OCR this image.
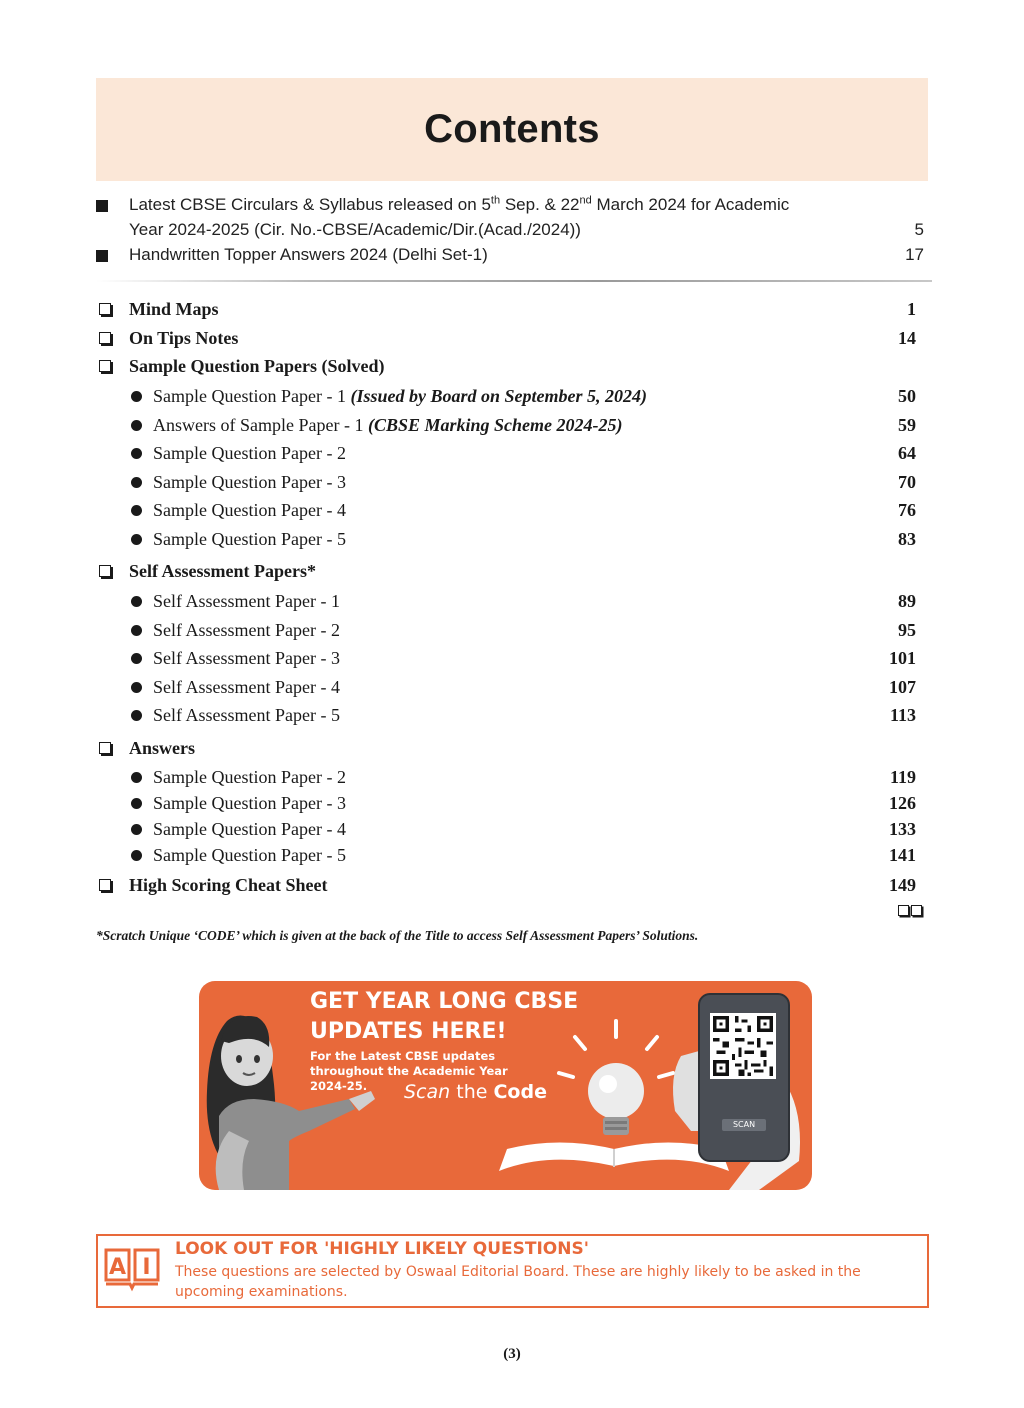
Contents
Latest CBSE Circulars & Syllabus released on 5th Sep. & 22nd March 2024 for Academic
Year 2024-2025 (Cir. No.-CBSE/Academic/Dir.(Acad./2024))	5
Handwritten Topper Answers 2024 (Delhi Set-1)	17
Mind Maps	1
On Tips Notes	14
Sample Question Papers (Solved)
Sample Question Paper - 1 (Issued by Board on September 5, 2024)	50
Answers of Sample Paper - 1 (CBSE Marking Scheme 2024-25)	59
Sample Question Paper - 2	64
Sample Question Paper - 3	70
Sample Question Paper - 4	76
Sample Question Paper - 5	83
Self Assessment Papers*
Self Assessment Paper - 1	89
Self Assessment Paper - 2	95
Self Assessment Paper - 3	101
Self Assessment Paper - 4	107
Self Assessment Paper - 5	113
Answers
Sample Question Paper - 2	119
Sample Question Paper - 3	126
Sample Question Paper - 4	133
Sample Question Paper - 5	141
High Scoring Cheat Sheet	149
*Scratch Unique ‘CODE’ which is given at the back of the Title to access Self Assessment Papers’ Solutions.
GET YEAR LONG CBSE
UPDATES HERE!
For the Latest CBSE updates throughout the Academic Year 2024-25.	Scan the Code
SCAN
A I
LOOK OUT FOR 'HIGHLY LIKELY QUESTIONS'
These questions are selected by Oswaal Editorial Board. These are highly likely to be asked in the upcoming examinations.
(3)
